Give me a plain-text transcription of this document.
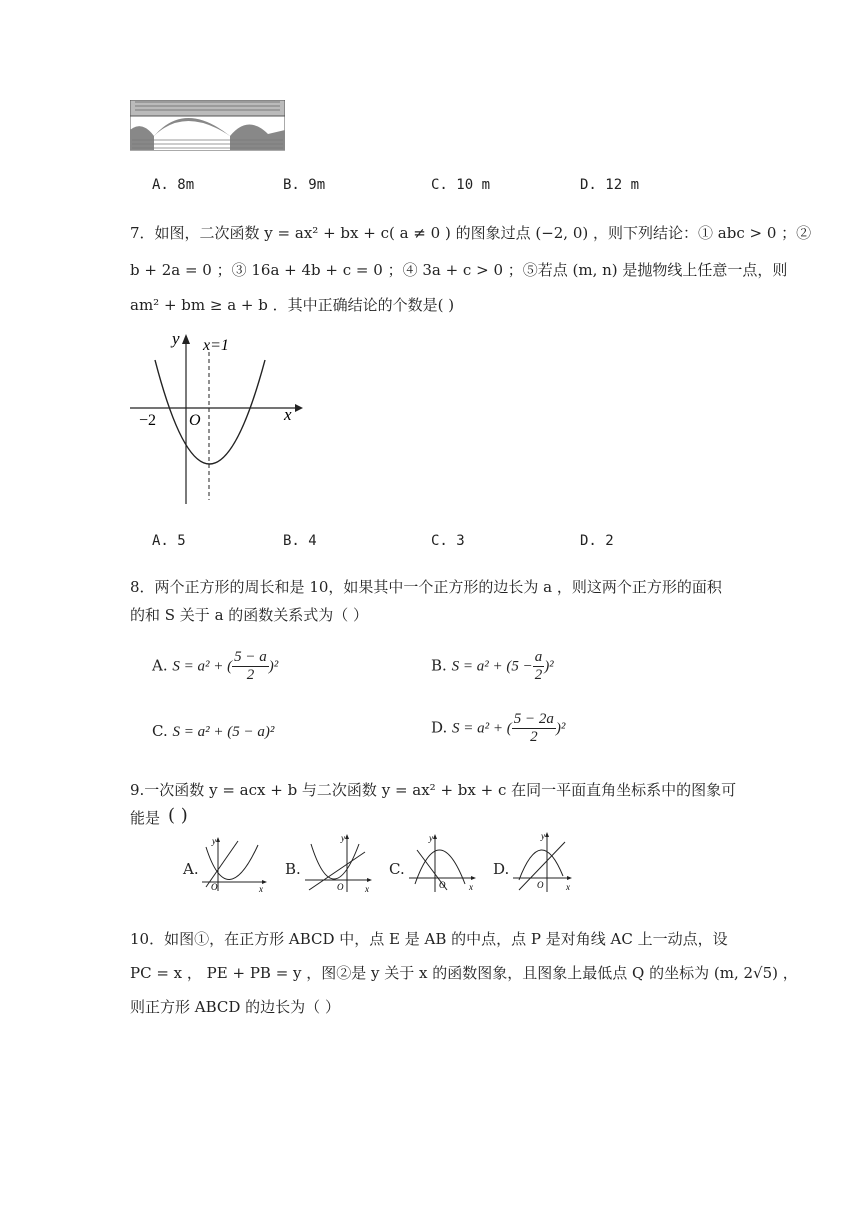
A. 8m	B. 9m	C. 10 m	D. 12 m
7．如图，二次函数 y = ax² + bx + c( a ≠ 0 ) 的图象过点 (−2, 0) ，则下列结论：① abc > 0 ；②
b + 2a = 0 ；③ 16a + 4b + c = 0 ；④ 3a + c > 0 ；⑤若点 (m, n) 是抛物线上任意一点，则
am² + bm ≥ a + b ．其中正确结论的个数是( )
y
x
x=1
O
−2
A. 5	B. 4	C. 3	D. 2
8．两个正方形的周长和是 10，如果其中一个正方形的边长为 a ，则这两个正方形的面积
的和 S 关于 a 的函数关系式为（ ）
A. S = a² + ( $\frac{5 - a}{2} )^2$	B. $S = a^2 + (5 - \frac{a}{2} )^2$
C. S = a² + (5 − a)²	D. S = a² + ( $\frac{5 - 2a}{2} )^2$
9.一次函数 y = acx + b 与二次函数 y = ax² + bx + c 在同一平面直角坐标系中的图象可
能是 ( )
A.
O	x
y
B.
O x
y
C.
O	x
y
D.
O	x
y
10．如图①，在正方形 ABCD 中，点 E 是 AB 的中点，点 P 是对角线 AC 上一动点，设
PC = x ， PE + PB = y ，图②是 y 关于 x 的函数图象，且图象上最低点 Q 的坐标为 (m, 2√5) ，
则正方形 ABCD 的边长为（ ）
